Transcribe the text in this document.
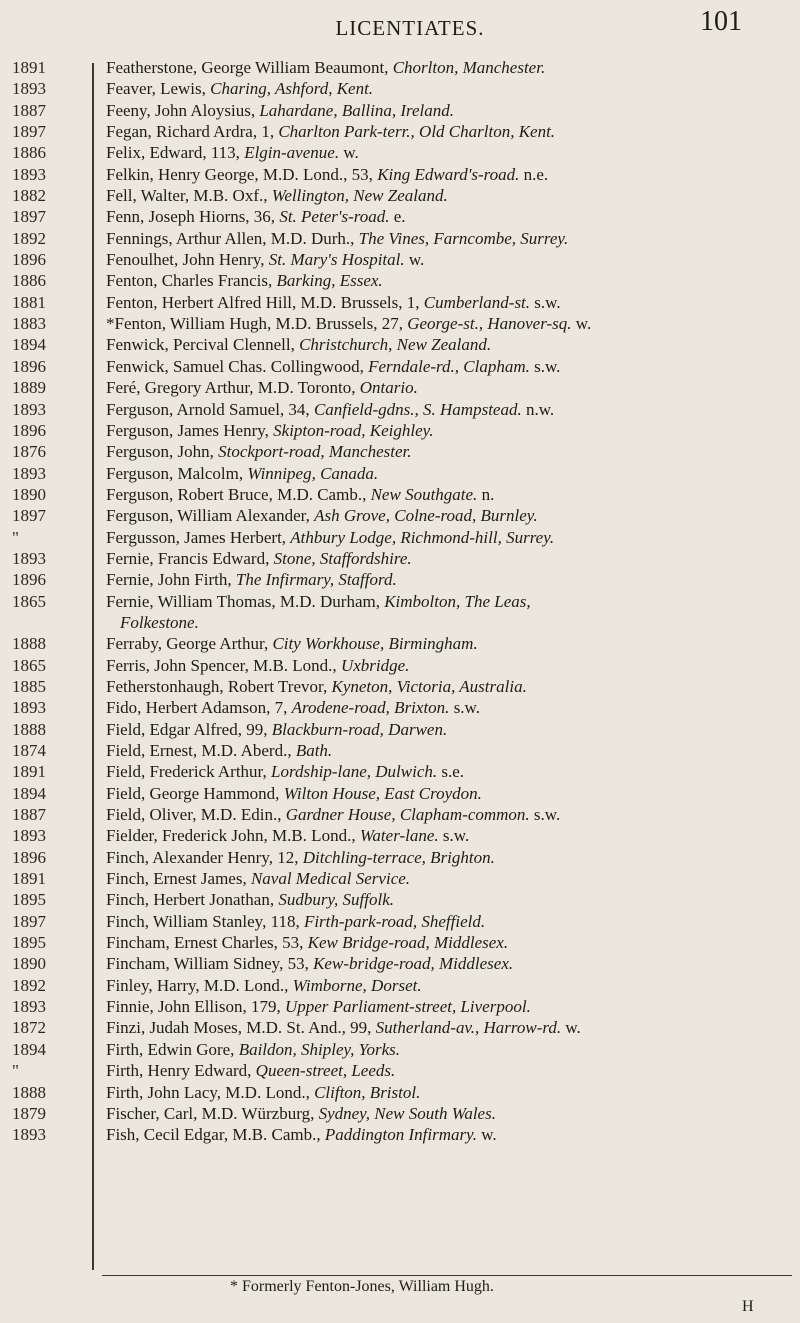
LICENTIATES.	101
1891	Featherstone, George William Beaumont, Chorlton, Manchester.
1893	Feaver, Lewis, Charing, Ashford, Kent.
1887	Feeny, John Aloysius, Lahardane, Ballina, Ireland.
1897	Fegan, Richard Ardra, 1, Charlton Park-terr., Old Charlton, Kent.
1886	Felix, Edward, 113, Elgin-avenue. w.
1893	Felkin, Henry George, M.D. Lond., 53, King Edward's-road. n.e.
1882	Fell, Walter, M.B. Oxf., Wellington, New Zealand.
1897	Fenn, Joseph Hiorns, 36, St. Peter's-road. e.
1892	Fennings, Arthur Allen, M.D. Durh., The Vines, Farncombe, Surrey.
1896	Fenoulhet, John Henry, St. Mary's Hospital. w.
1886	Fenton, Charles Francis, Barking, Essex.
1881	Fenton, Herbert Alfred Hill, M.D. Brussels, 1, Cumberland-st. s.w.
1883	*Fenton, William Hugh, M.D. Brussels, 27, George-st., Hanover-sq. w.
1894	Fenwick, Percival Clennell, Christchurch, New Zealand.
1896	Fenwick, Samuel Chas. Collingwood, Ferndale-rd., Clapham. s.w.
1889	Feré, Gregory Arthur, M.D. Toronto, Ontario.
1893	Ferguson, Arnold Samuel, 34, Canfield-gdns., S. Hampstead. n.w.
1896	Ferguson, James Henry, Skipton-road, Keighley.
1876	Ferguson, John, Stockport-road, Manchester.
1893	Ferguson, Malcolm, Winnipeg, Canada.
1890	Ferguson, Robert Bruce, M.D. Camb., New Southgate. n.
1897	Ferguson, William Alexander, Ash Grove, Colne-road, Burnley.
"	Fergusson, James Herbert, Athbury Lodge, Richmond-hill, Surrey.
1893	Fernie, Francis Edward, Stone, Staffordshire.
1896	Fernie, John Firth, The Infirmary, Stafford.
1865	Fernie, William Thomas, M.D. Durham, Kimbolton, The Leas,
Folkestone.
1888	Ferraby, George Arthur, City Workhouse, Birmingham.
1865	Ferris, John Spencer, M.B. Lond., Uxbridge.
1885	Fetherstonhaugh, Robert Trevor, Kyneton, Victoria, Australia.
1893	Fido, Herbert Adamson, 7, Arodene-road, Brixton. s.w.
1888	Field, Edgar Alfred, 99, Blackburn-road, Darwen.
1874	Field, Ernest, M.D. Aberd., Bath.
1891	Field, Frederick Arthur, Lordship-lane, Dulwich. s.e.
1894	Field, George Hammond, Wilton House, East Croydon.
1887	Field, Oliver, M.D. Edin., Gardner House, Clapham-common. s.w.
1893	Fielder, Frederick John, M.B. Lond., Water-lane. s.w.
1896	Finch, Alexander Henry, 12, Ditchling-terrace, Brighton.
1891	Finch, Ernest James, Naval Medical Service.
1895	Finch, Herbert Jonathan, Sudbury, Suffolk.
1897	Finch, William Stanley, 118, Firth-park-road, Sheffield.
1895	Fincham, Ernest Charles, 53, Kew Bridge-road, Middlesex.
1890	Fincham, William Sidney, 53, Kew-bridge-road, Middlesex.
1892	Finley, Harry, M.D. Lond., Wimborne, Dorset.
1893	Finnie, John Ellison, 179, Upper Parliament-street, Liverpool.
1872	Finzi, Judah Moses, M.D. St. And., 99, Sutherland-av., Harrow-rd. w.
1894	Firth, Edwin Gore, Baildon, Shipley, Yorks.
"	Firth, Henry Edward, Queen-street, Leeds.
1888	Firth, John Lacy, M.D. Lond., Clifton, Bristol.
1879	Fischer, Carl, M.D. Würzburg, Sydney, New South Wales.
1893	Fish, Cecil Edgar, M.B. Camb., Paddington Infirmary. w.
* Formerly Fenton-Jones, William Hugh.
H
